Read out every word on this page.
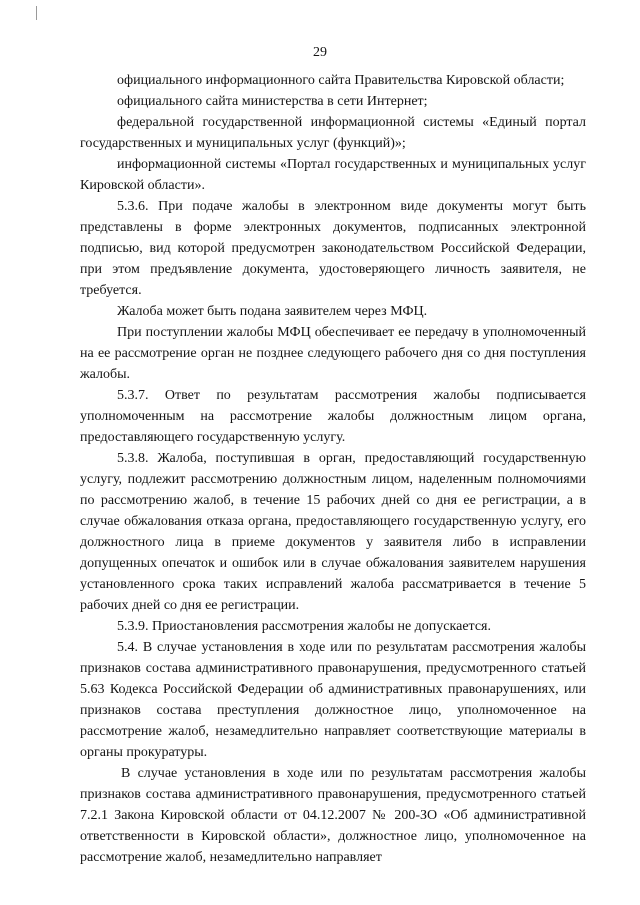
29

официального информационного сайта Правительства Кировской области;

официального сайта министерства в сети Интернет;

федеральной государственной информационной системы «Единый портал государственных и муниципальных услуг (функций)»;

информационной системы «Портал государственных и муниципальных услуг Кировской области».

5.3.6. При подаче жалобы в электронном виде документы могут быть представлены в форме электронных документов, подписанных электронной подписью, вид которой предусмотрен законодательством Российской Федерации, при этом предъявление документа, удостоверяющего личность заявителя, не требуется.

Жалоба может быть подана заявителем через МФЦ.

При поступлении жалобы МФЦ обеспечивает ее передачу в уполномоченный на ее рассмотрение орган не позднее следующего рабочего дня со дня поступления жалобы.

5.3.7. Ответ по результатам рассмотрения жалобы подписывается уполномоченным на рассмотрение жалобы должностным лицом органа, предоставляющего государственную услугу.

5.3.8. Жалоба, поступившая в орган, предоставляющий государственную услугу, подлежит рассмотрению должностным лицом, наделенным полномочиями по рассмотрению жалоб, в течение 15 рабочих дней со дня ее регистрации, а в случае обжалования отказа органа, предоставляющего государственную услугу, его должностного лица в приеме документов у заявителя либо в исправлении допущенных опечаток и ошибок или в случае обжалования заявителем нарушения установленного срока таких исправлений жалоба рассматривается в течение 5 рабочих дней со дня ее регистрации.

5.3.9. Приостановления рассмотрения жалобы не допускается.

5.4. В случае установления в ходе или по результатам рассмотрения жалобы признаков состава административного правонарушения, предусмотренного статьей 5.63 Кодекса Российской Федерации об административных правонарушениях, или признаков состава преступления должностное лицо, уполномоченное на рассмотрение жалоб, незамедлительно направляет соответствующие материалы в органы прокуратуры.

В случае установления в ходе или по результатам рассмотрения жалобы признаков состава административного правонарушения, предусмотренного статьей 7.2.1 Закона Кировской области от 04.12.2007 № 200-ЗО «Об административной ответственности в Кировской области», должностное лицо, уполномоченное на рассмотрение жалоб, незамедлительно направляет
